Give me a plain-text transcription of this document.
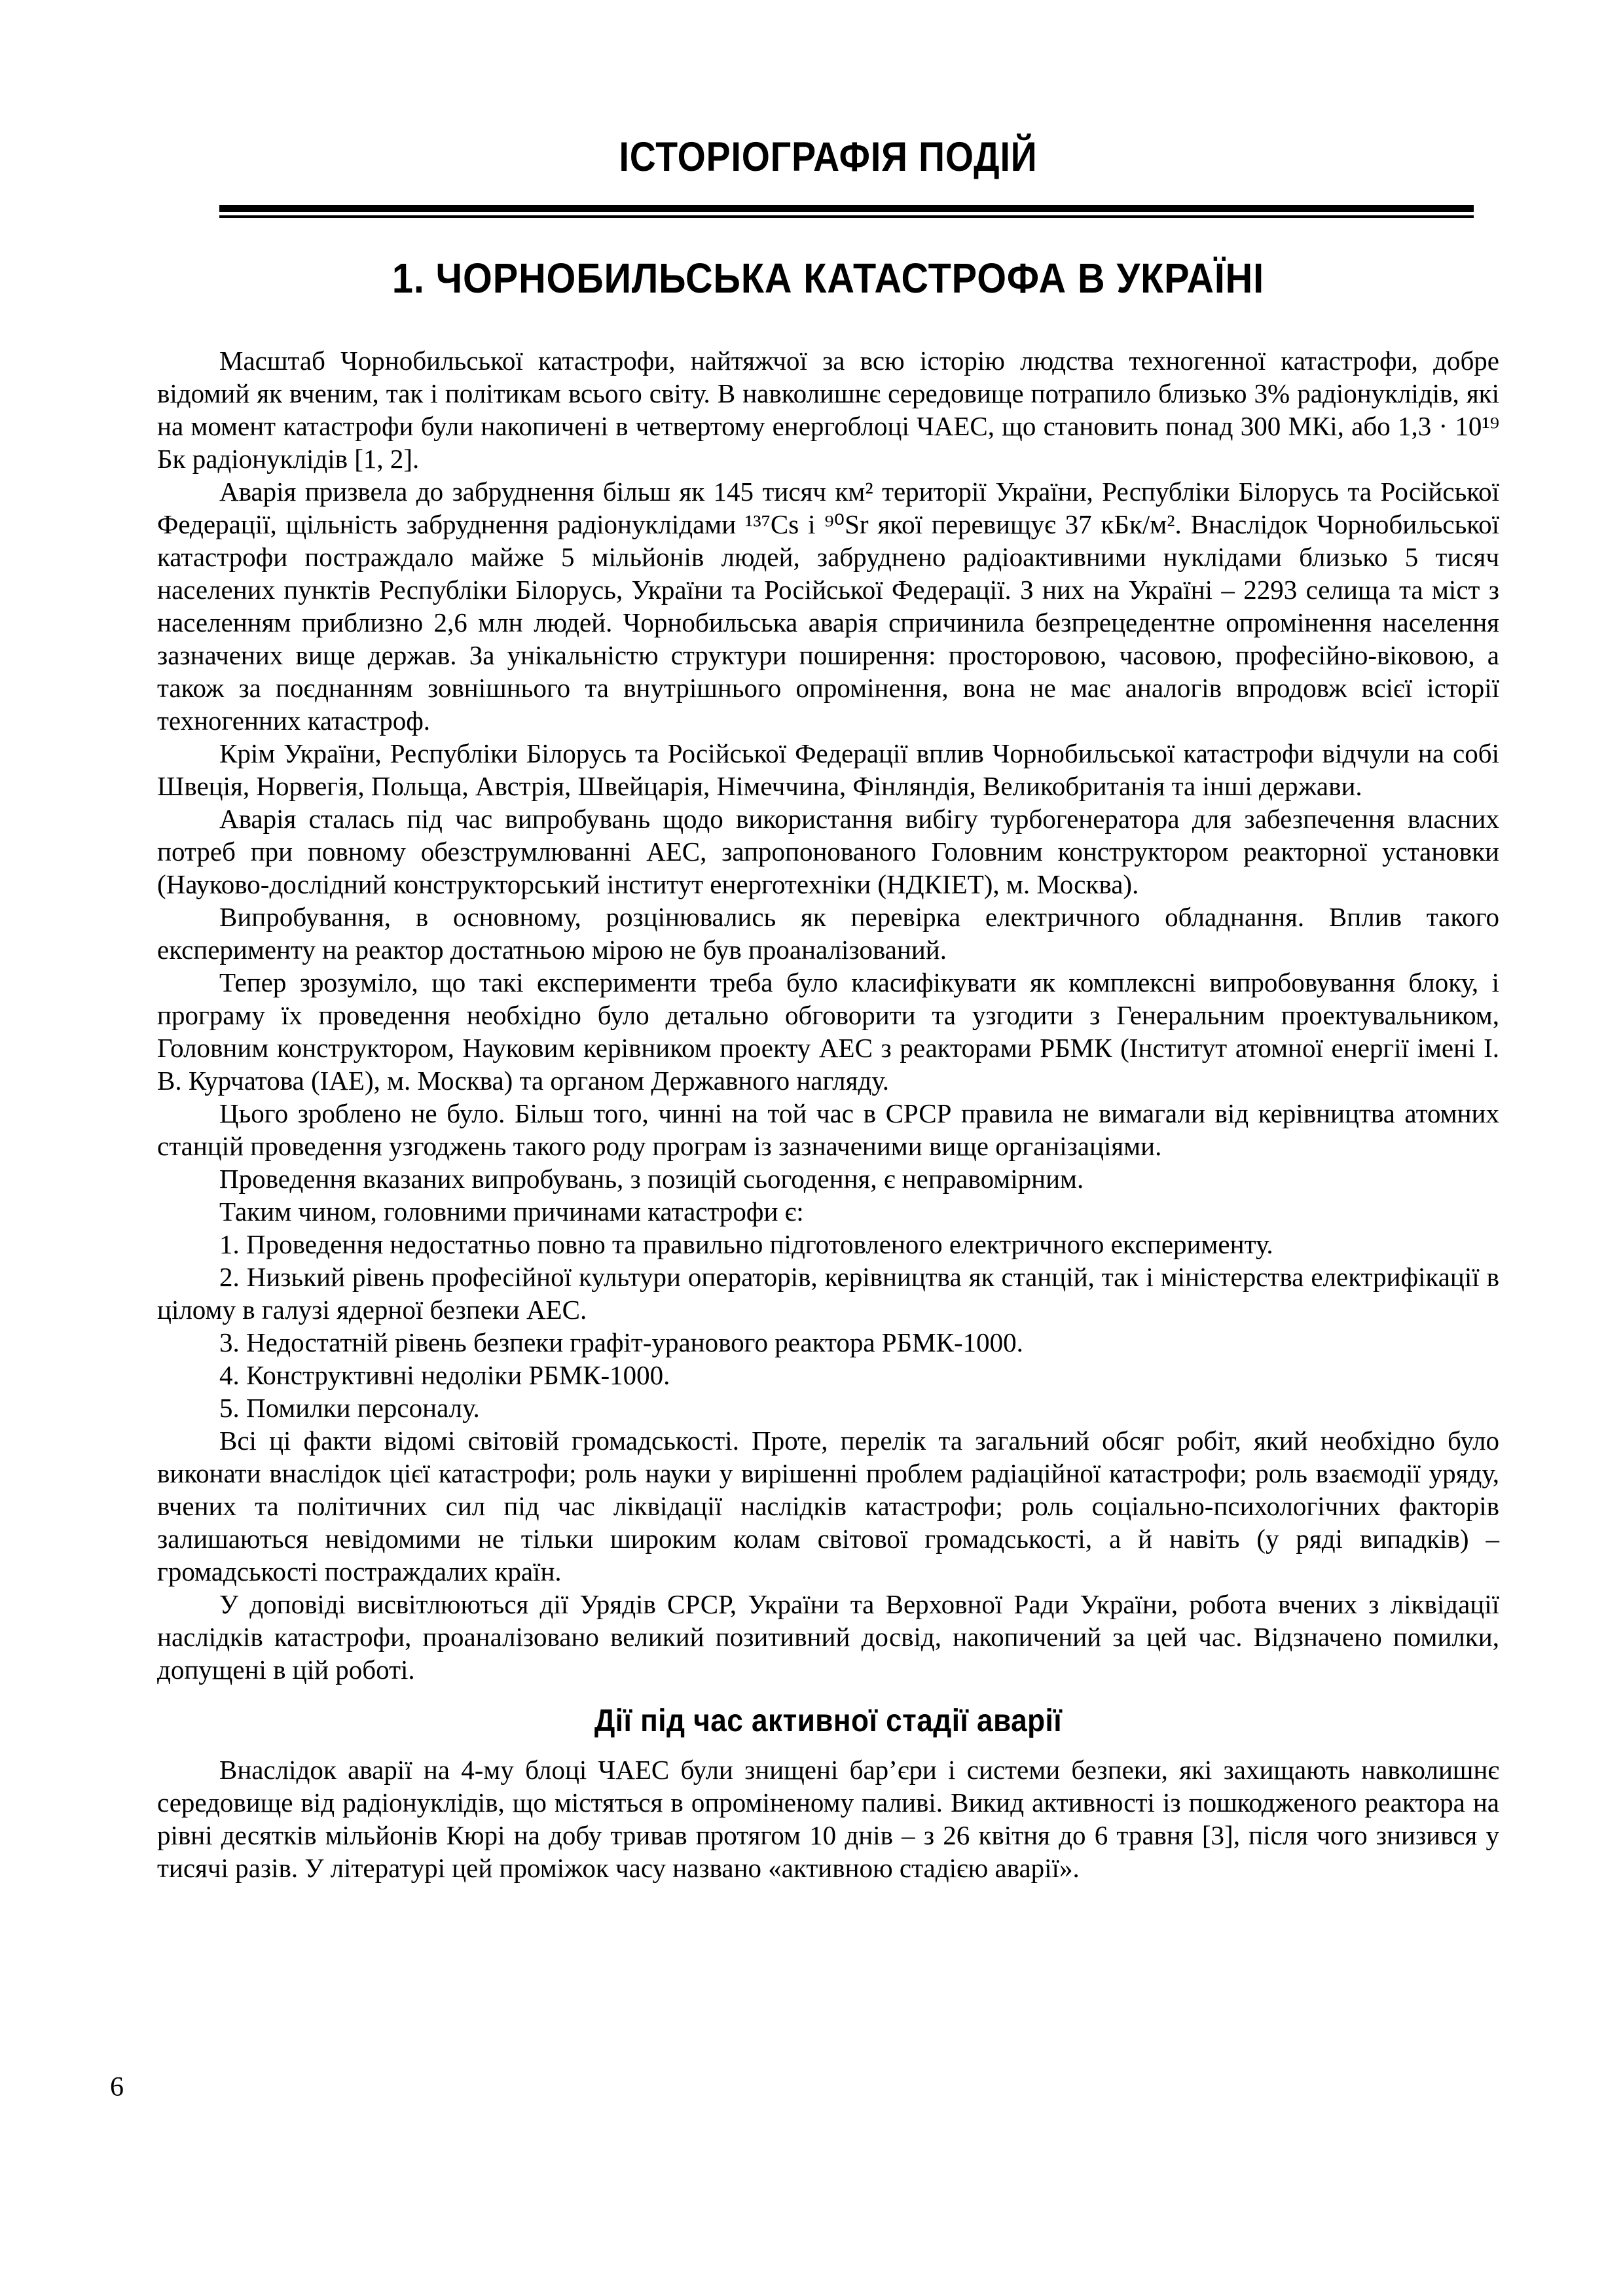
ІСТОРІОГРАФІЯ ПОДІЙ
1. ЧОРНОБИЛЬСЬКА КАТАСТРОФА В УКРАЇНІ

Масштаб Чорнобильської катастрофи, найтяжчої за всю історію людства техногенної катастрофи, добре відомий як вченим, так і політикам всього світу. В навколишнє середовище потрапило близько 3% радіонуклідів, які на момент катастрофи були накопичені в четвертому енергоблоці ЧАЕС, що становить понад 300 МКі, або 1,3 · 10¹⁹ Бк радіонуклідів [1, 2].

Аварія призвела до забруднення більш як 145 тисяч км² території України, Республіки Білорусь та Російської Федерації, щільність забруднення радіонуклідами ¹³⁷Cs і ⁹⁰Sr якої перевищує 37 кБк/м². Внаслідок Чорнобильської катастрофи постраждало майже 5 мільйонів людей, забруднено радіоактивними нуклідами близько 5 тисяч населених пунктів Республіки Білорусь, України та Російської Федерації. З них на Україні – 2293 селища та міст з населенням приблизно 2,6 млн людей. Чорнобильська аварія спричинила безпрецедентне опромінення населення зазначених вище держав. За унікальністю структури поширення: просторовою, часовою, професійно-віковою, а також за поєднанням зовнішнього та внутрішнього опромінення, вона не має аналогів впродовж всієї історії техногенних катастроф.

Крім України, Республіки Білорусь та Російської Федерації вплив Чорнобильської катастрофи відчули на собі Швеція, Норвегія, Польща, Австрія, Швейцарія, Німеччина, Фінляндія, Великобританія та інші держави.

Аварія сталась під час випробувань щодо використання вибігу турбогенератора для забезпечення власних потреб при повному обезструмлюванні АЕС, запропонованого Головним конструктором реакторної установки (Науково-дослідний конструкторський інститут енерготехніки (НДКІЕТ), м. Москва).

Випробування, в основному, розцінювались як перевірка електричного обладнання. Вплив такого експерименту на реактор достатньою мірою не був проаналізований.

Тепер зрозуміло, що такі експерименти треба було класифікувати як комплексні випробовування блоку, і програму їх проведення необхідно було детально обговорити та узгодити з Генеральним проектувальником, Головним конструктором, Науковим керівником проекту АЕС з реакторами РБМК (Інститут атомної енергії імені І. В. Курчатова (ІАЕ), м. Москва) та органом Державного нагляду.

Цього зроблено не було. Більш того, чинні на той час в СРСР правила не вимагали від керівництва атомних станцій проведення узгоджень такого роду програм із зазначеними вище організаціями.

Проведення вказаних випробувань, з позицій сьогодення, є неправомірним.

Таким чином, головними причинами катастрофи є:

1. Проведення недостатньо повно та правильно підготовленого електричного експерименту.

2. Низький рівень професійної культури операторів, керівництва як станцій, так і міністерства електрифікації в цілому в галузі ядерної безпеки АЕС.

3. Недостатній рівень безпеки графіт-уранового реактора РБМК-1000.

4. Конструктивні недоліки РБМК-1000.

5. Помилки персоналу.

Всі ці факти відомі світовій громадськості. Проте, перелік та загальний обсяг робіт, який необхідно було виконати внаслідок цієї катастрофи; роль науки у вирішенні проблем радіаційної катастрофи; роль взаємодії уряду, вчених та політичних сил під час ліквідації наслідків катастрофи; роль соціально-психологічних факторів залишаються невідомими не тільки широким колам світової громадськості, а й навіть (у ряді випадків) – громадськості постраждалих країн.

У доповіді висвітлюються дії Урядів СРСР, України та Верховної Ради України, робота вчених з ліквідації наслідків катастрофи, проаналізовано великий позитивний досвід, накопичений за цей час. Відзначено помилки, допущені в цій роботі.

Дії під час активної стадії аварії

Внаслідок аварії на 4-му блоці ЧАЕС були знищені бар’єри і системи безпеки, які захищають навколишнє середовище від радіонуклідів, що містяться в опроміненому паливі. Викид активності із пошкодженого реактора на рівні десятків мільйонів Кюрі на добу тривав протягом 10 днів – з 26 квітня до 6 травня [3], після чого знизився у тисячі разів. У літературі цей проміжок часу названо «активною стадією аварії».

6
